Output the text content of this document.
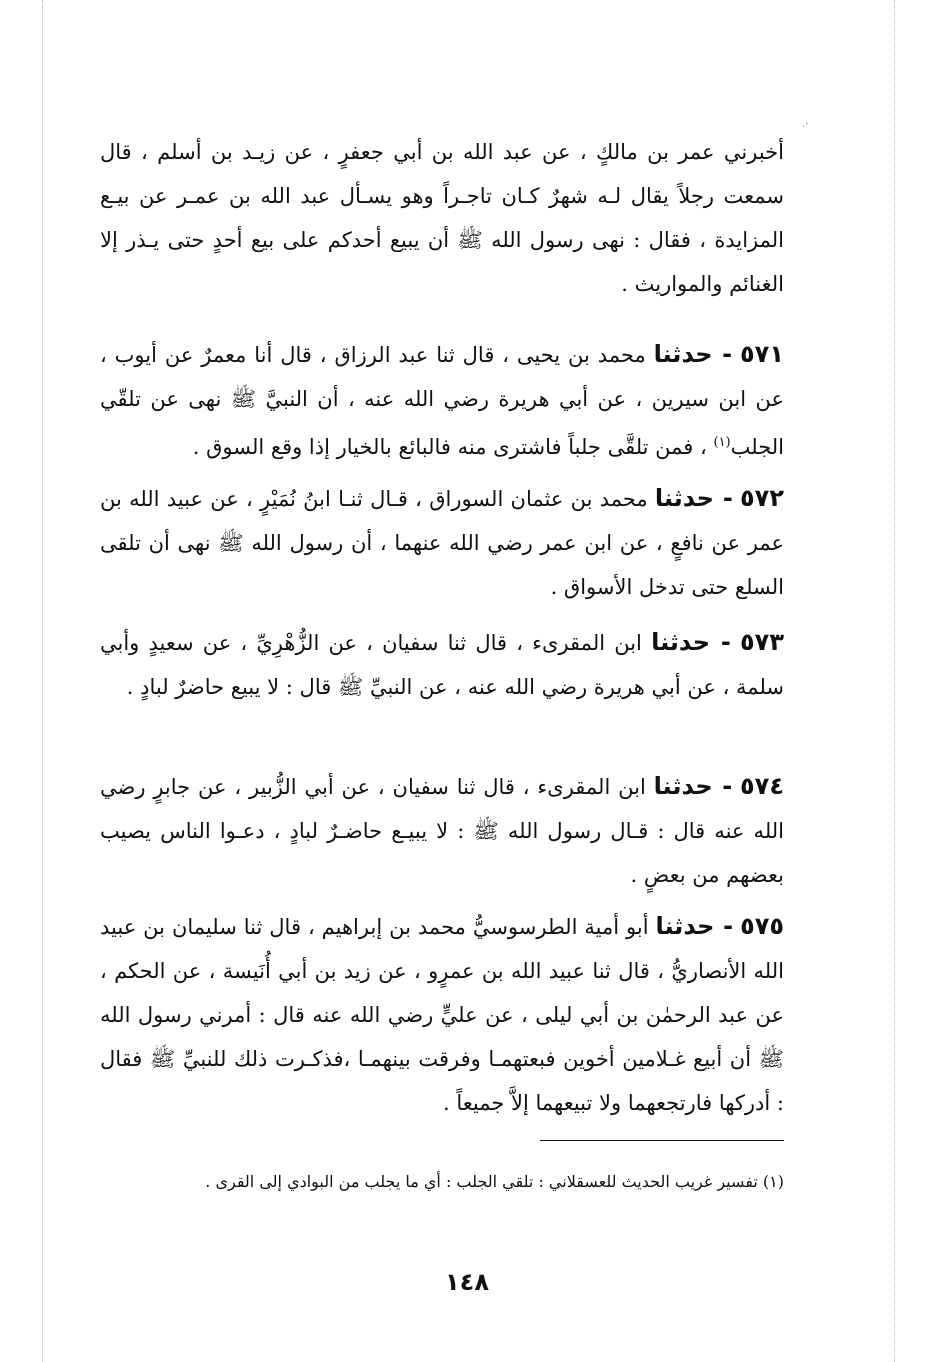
·ʼ

أخبرني عمر بن مالكٍ ، عن عبد الله بن أبي جعفرٍ ، عن زيـد بن أسلم ، قال سمعت رجلاً يقال لـه شهرٌ كـان تاجـراً وهو يسـأل عبد الله بن عمـر عن بيـع المزايدة ، فقال : نهى رسول الله ﷺ أن يبيع أحدكم على بيع أحدٍ حتى يـذر إلا الغنائم والمواريث .

٥٧١ - حدثنا محمد بن يحيى ، قال ثنا عبد الرزاق ، قال أنا معمرٌ عن أيوب ، عن ابن سيرين ، عن أبي هريرة رضي الله عنه ، أن النبيَّ ﷺ نهى عن تلقّي الجلب$^{(١)}$ ، فمن تلقَّى جلباً فاشترى منه فالبائع بالخيار إذا وقع السوق .

٥٧٢ - حدثنا محمد بن عثمان السوراق ، قـال ثنـا ابنُ نُمَيْرٍ ، عن عبيد الله بن عمر عن نافعٍ ، عن ابن عمر رضي الله عنهما ، أن رسول الله ﷺ نهى أن تلقى السلع حتى تدخل الأسواق .

٥٧٣ - حدثنا ابن المقرىء ، قال ثنا سفيان ، عن الزُّهْرِيِّ ، عن سعيدٍ وأبي سلمة ، عن أبي هريرة رضي الله عنه ، عن النبيِّ ﷺ قال : لا يبيع حاضرٌ لبادٍ .

٥٧٤ - حدثنا ابن المقرىء ، قال ثنا سفيان ، عن أبي الزُّبير ، عن جابرٍ رضي الله عنه قال : قـال رسول الله ﷺ : لا يبيـع حاضـرٌ لبادٍ ، دعـوا الناس يصيب بعضهم من بعضٍ .

٥٧٥ - حدثنا أبو أمية الطرسوسيُّ محمد بن إبراهيم ، قال ثنا سليمان بن عبيد الله الأنصاريُّ ، قال ثنا عبيد الله بن عمرٍو ، عن زيد بن أبي أُنَيسة ، عن الحكم ، عن عبد الرحمٰن بن أبي ليلى ، عن عليٍّ رضي الله عنه قال : أمرني رسول الله ﷺ أن أبيع غـلامين أخوين فبعتهمـا وفرقت بينهمـا ،فذكـرت ذلك للنبيِّ ﷺ فقال : أدركها فارتجعهما ولا تبيعهما إلاَّ جميعاً .

(١) تفسير غريب الحديث للعسقلاني : تلقي الجلب : أي ما يجلب من البوادي إلى القرى .

١٤٨
